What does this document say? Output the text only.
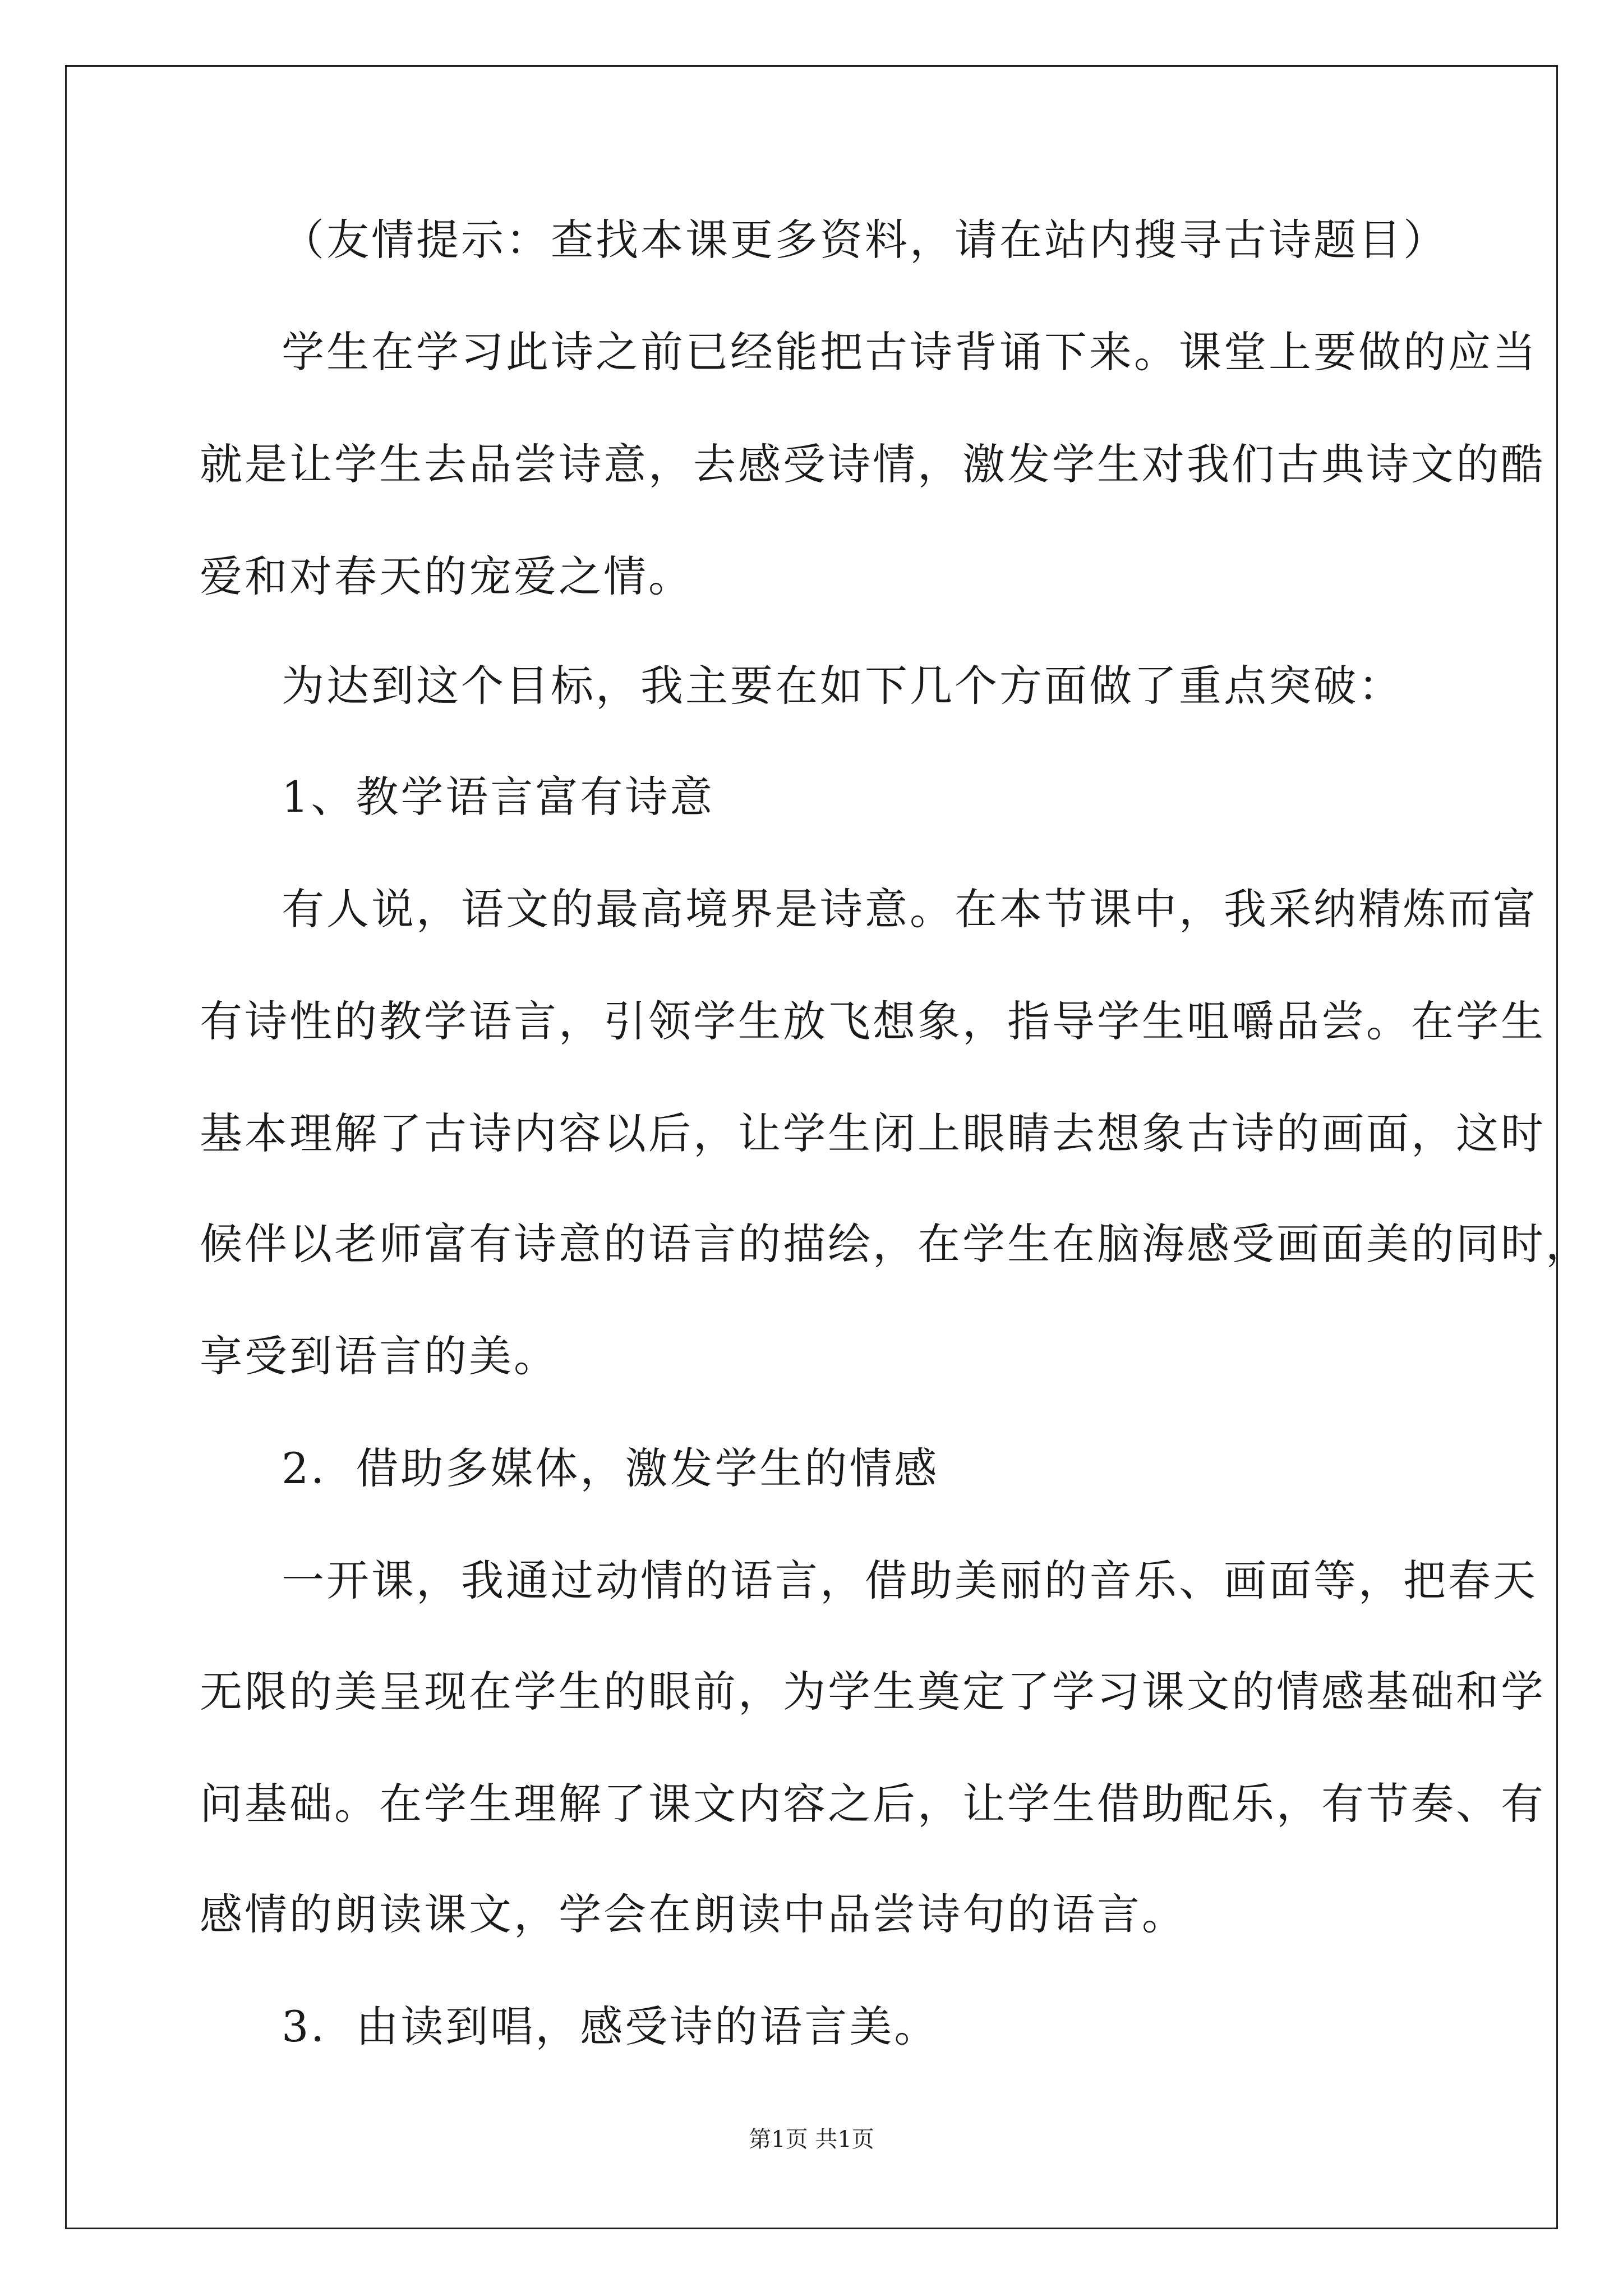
（友情提示：查找本课更多资料，请在站内搜寻古诗题目）
学生在学习此诗之前已经能把古诗背诵下来。课堂上要做的应当
就是让学生去品尝诗意，去感受诗情，激发学生对我们古典诗文的酷
爱和对春天的宠爱之情。
为达到这个目标，我主要在如下几个方面做了重点突破：
1、教学语言富有诗意
有人说，语文的最高境界是诗意。在本节课中，我采纳精炼而富
有诗性的教学语言，引领学生放飞想象，指导学生咀嚼品尝。在学生
基本理解了古诗内容以后，让学生闭上眼睛去想象古诗的画面，这时
候伴以老师富有诗意的语言的描绘，在学生在脑海感受画面美的同时，
享受到语言的美。
2．借助多媒体，激发学生的情感
一开课，我通过动情的语言，借助美丽的音乐、画面等，把春天
无限的美呈现在学生的眼前，为学生奠定了学习课文的情感基础和学
问基础。在学生理解了课文内容之后，让学生借助配乐，有节奏、有
感情的朗读课文，学会在朗读中品尝诗句的语言。
3．由读到唱，感受诗的语言美。
第1页 共1页
